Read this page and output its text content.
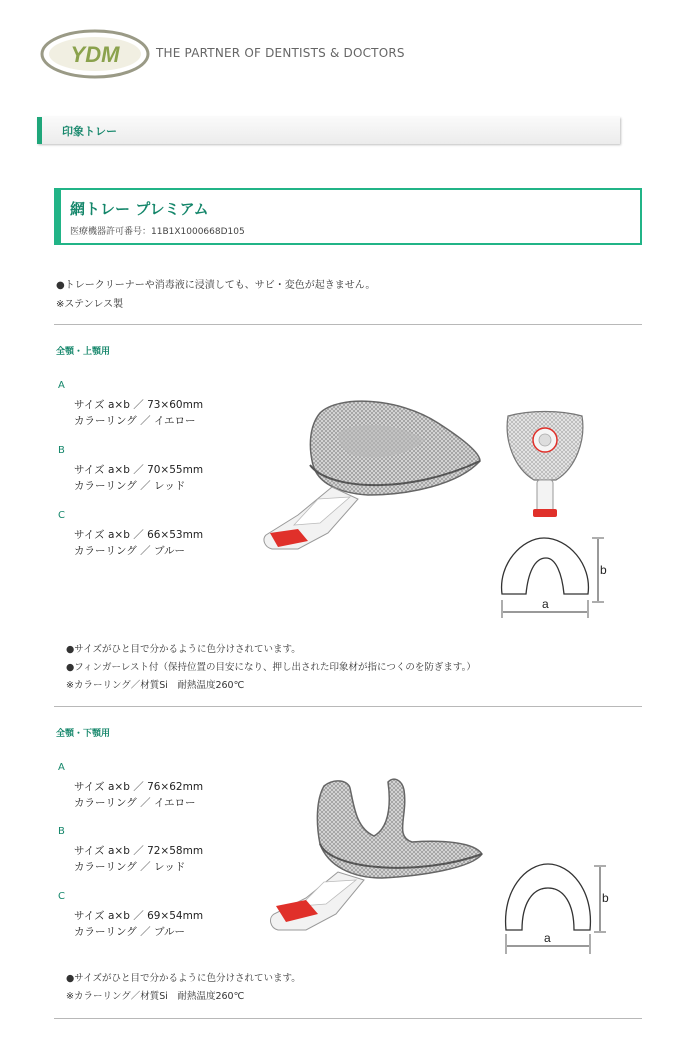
YDM	THE PARTNER OF DENTISTS & DOCTORS
印象トレー
網トレー プレミアム
医療機器許可番号：11B1X1000668D105
●トレークリーナーや消毒液に浸漬しても、サビ・変色が起きません。
※ステンレス製
全顎・上顎用
A
サイズ a×b ／ 73×60mm
カラーリング ／ イエロー
B
サイズ a×b ／ 70×55mm
カラーリング ／ レッド
C
サイズ a×b ／ 66×53mm
カラーリング ／ ブルー
a
b
●サイズがひと目で分かるように色分けされています。
●フィンガーレスト付（保持位置の目安になり、押し出された印象材が指につくのを防ぎます。）
※カラーリング／材質Si　耐熱温度260℃
全顎・下顎用
A
サイズ a×b ／ 76×62mm
カラーリング ／ イエロー
B
サイズ a×b ／ 72×58mm
カラーリング ／ レッド
C
サイズ a×b ／ 69×54mm
カラーリング ／ ブルー	a
b
●サイズがひと目で分かるように色分けされています。
※カラーリング／材質Si　耐熱温度260℃
